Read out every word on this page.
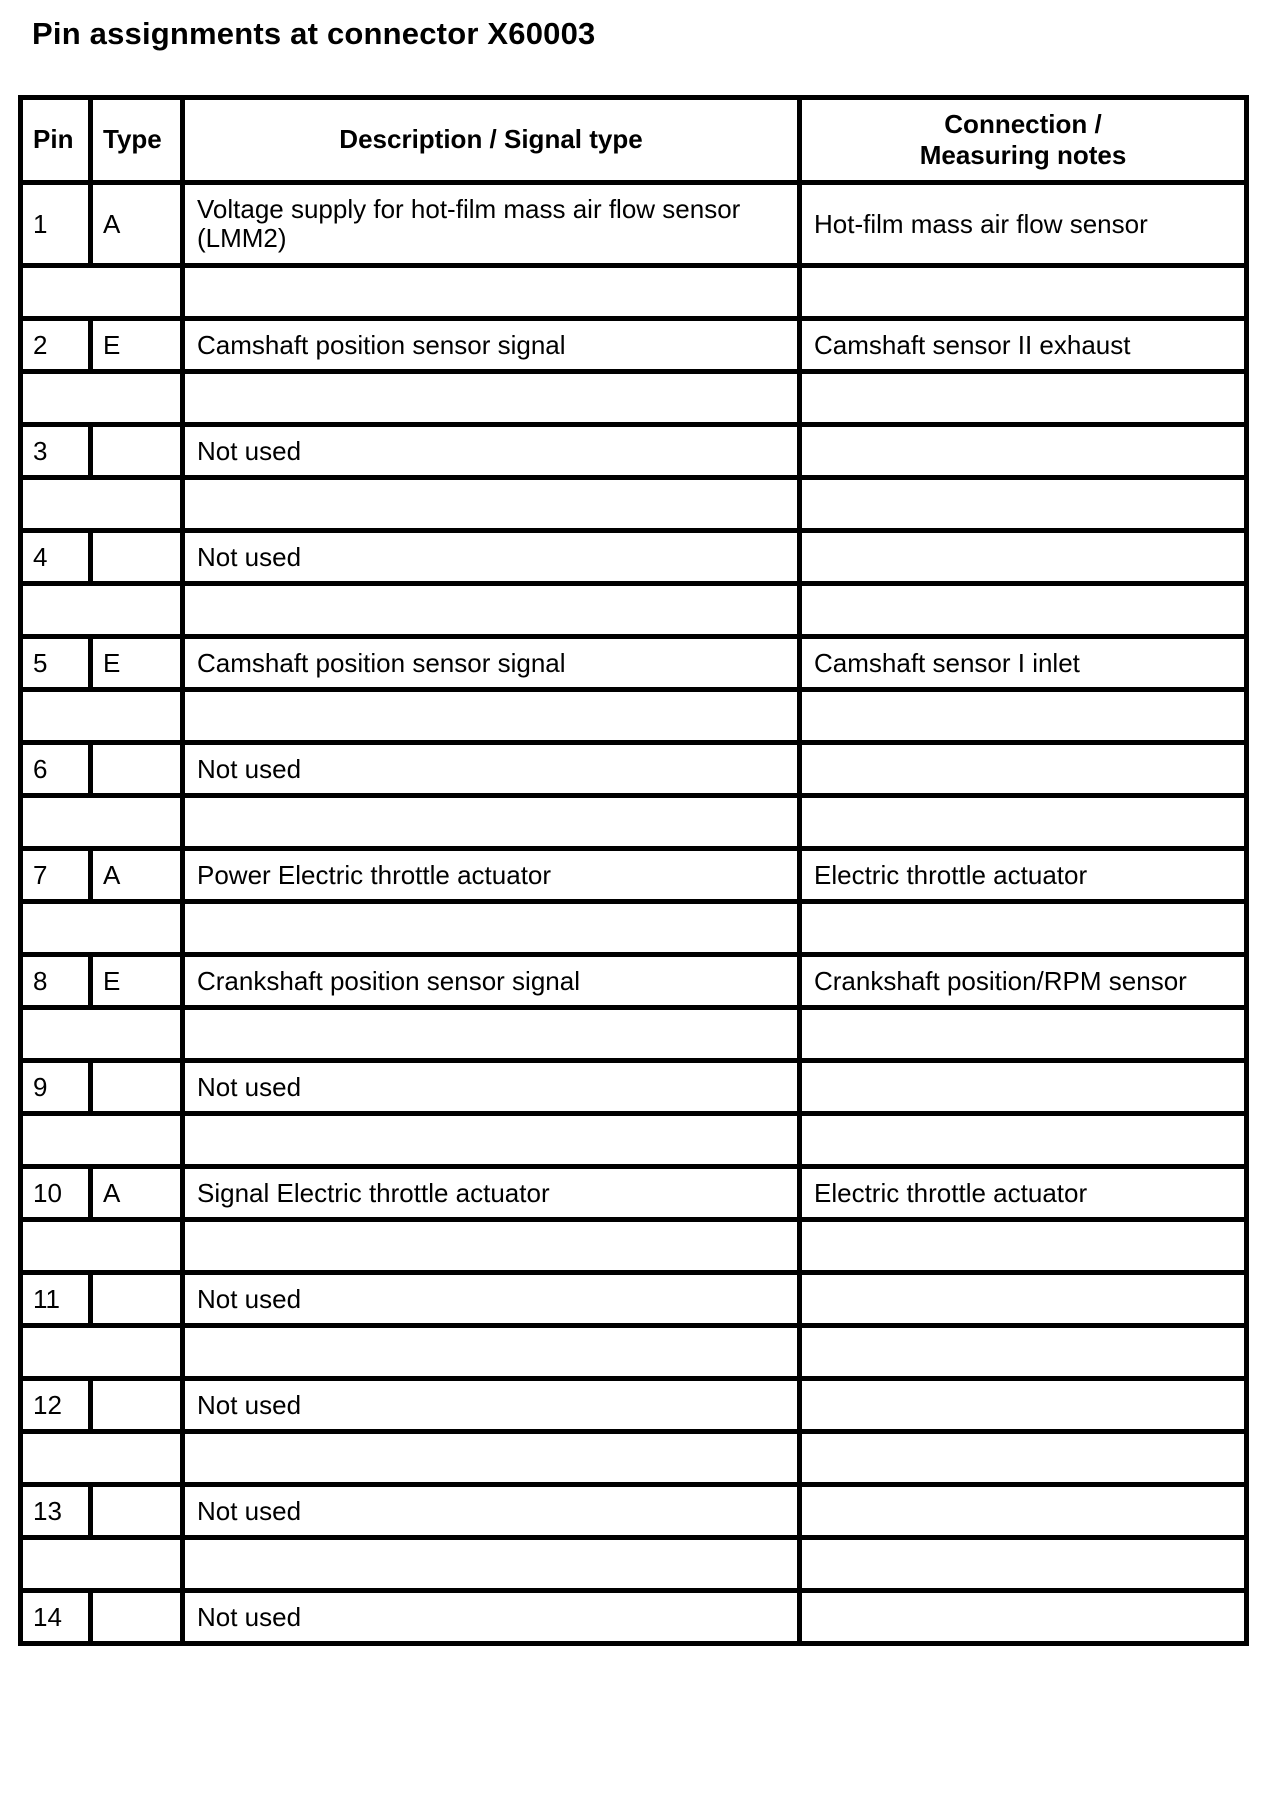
Pin assignments at connector X60003
Pin	Type	Description / Signal type	Connection /
Measuring notes
1	A	Voltage supply for hot-film mass air flow sensor (LMM2)	Hot-film mass air flow sensor

2	E	Camshaft position sensor signal	Camshaft sensor II exhaust

3		Not used	

4		Not used	

5	E	Camshaft position sensor signal	Camshaft sensor I inlet

6		Not used	

7	A	Power Electric throttle actuator	Electric throttle actuator

8	E	Crankshaft position sensor signal	Crankshaft position/RPM sensor

9		Not used	

10	A	Signal Electric throttle actuator	Electric throttle actuator

11		Not used	

12		Not used	

13		Not used	

14		Not used	
